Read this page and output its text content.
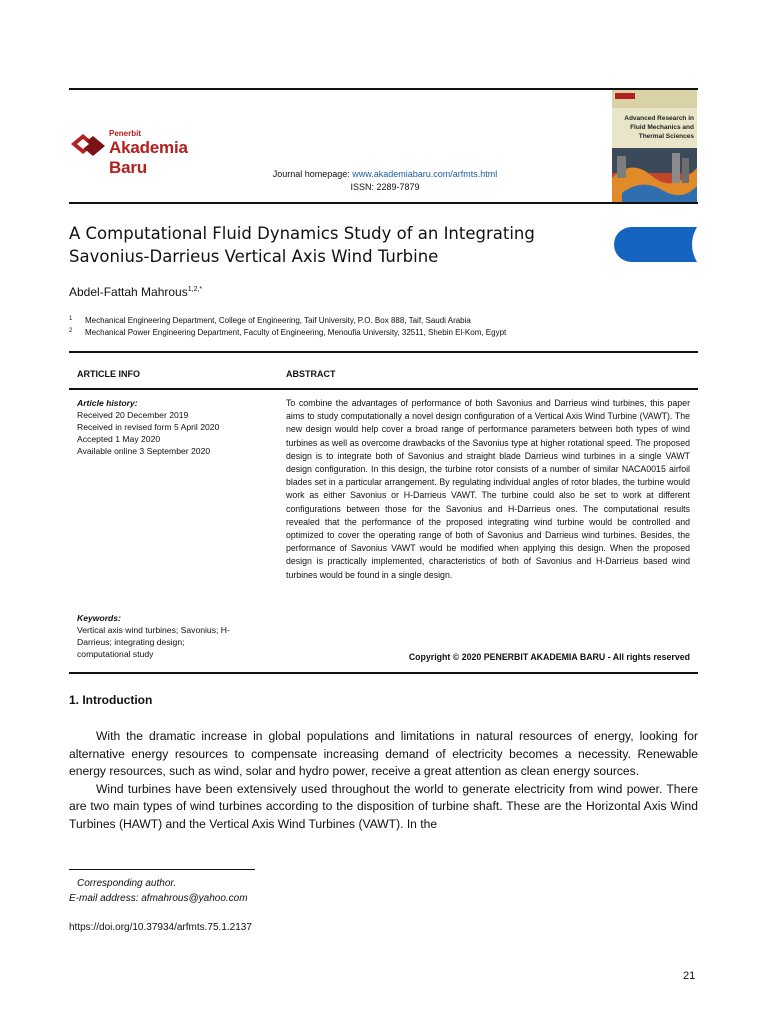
Penerbit
Akademia Baru	Journal homepage: www.akademiabaru.com/arfmts.html
ISSN: 2289-7879
Advanced Research in Fluid Mechanics and Thermal Sciences
A Computational Fluid Dynamics Study of an Integrating
Savonius-Darrieus Vertical Axis Wind Turbine
Abdel-Fattah Mahrous$^{1,2,*}$
1 Mechanical Engineering Department, College of Engineering, Taif University, P.O. Box 888, Taif, Saudi Arabia
2 Mechanical Power Engineering Department, Faculty of Engineering, Menoufia University, 32511, Shebin El-Kom, Egypt
ARTICLE INFO	ABSTRACT
Article history:
Received 20 December 2019
Received in revised form 5 April 2020
Accepted 1 May 2020
Available online 3 September 2020
Keywords:
Vertical axis wind turbines; Savonius; H-
Darrieus; integrating design;
computational study
To combine the advantages of performance of both Savonius and Darrieus wind turbines, this paper aims to study computationally a novel design configuration of a Vertical Axis Wind Turbine (VAWT). The new design would help cover a broad range of performance parameters between both types of wind turbines as well as overcome drawbacks of the Savonius type at higher rotational speed. The proposed design is to integrate both of Savonius and straight blade Darrieus wind turbines in a single VAWT design configuration. In this design, the turbine rotor consists of a number of similar NACA0015 airfoil blades set in a particular arrangement. By regulating individual angles of rotor blades, the turbine would work as either Savonius or H-Darrieus VAWT. The turbine could also be set to work at different configurations between those for the Savonius and H-Darrieus ones. The computational results revealed that the performance of the proposed integrating wind turbine would be controlled and optimized to cover the operating range of both of Savonius and Darrieus wind turbines. Besides, the performance of Savonius VAWT would be modified when applying this design. When the proposed design is practically implemented, characteristics of both of Savonius and H-Darrieus based wind turbines would be found in a single design.
Copyright © 2020 PENERBIT AKADEMIA BARU - All rights reserved
1. Introduction

With the dramatic increase in global populations and limitations in natural resources of energy, looking for alternative energy resources to compensate increasing demand of electricity becomes a necessity. Renewable energy resources, such as wind, solar and hydro power, receive a great attention as clean energy sources.

Wind turbines have been extensively used throughout the world to generate electricity from wind power. There are two main types of wind turbines according to the disposition of turbine shaft. These are the Horizontal Axis Wind Turbines (HAWT) and the Vertical Axis Wind Turbines (VAWT). In the

Corresponding author.
E-mail address: afmahrous@yahoo.com
https://doi.org/10.37934/arfmts.75.1.2137
21
